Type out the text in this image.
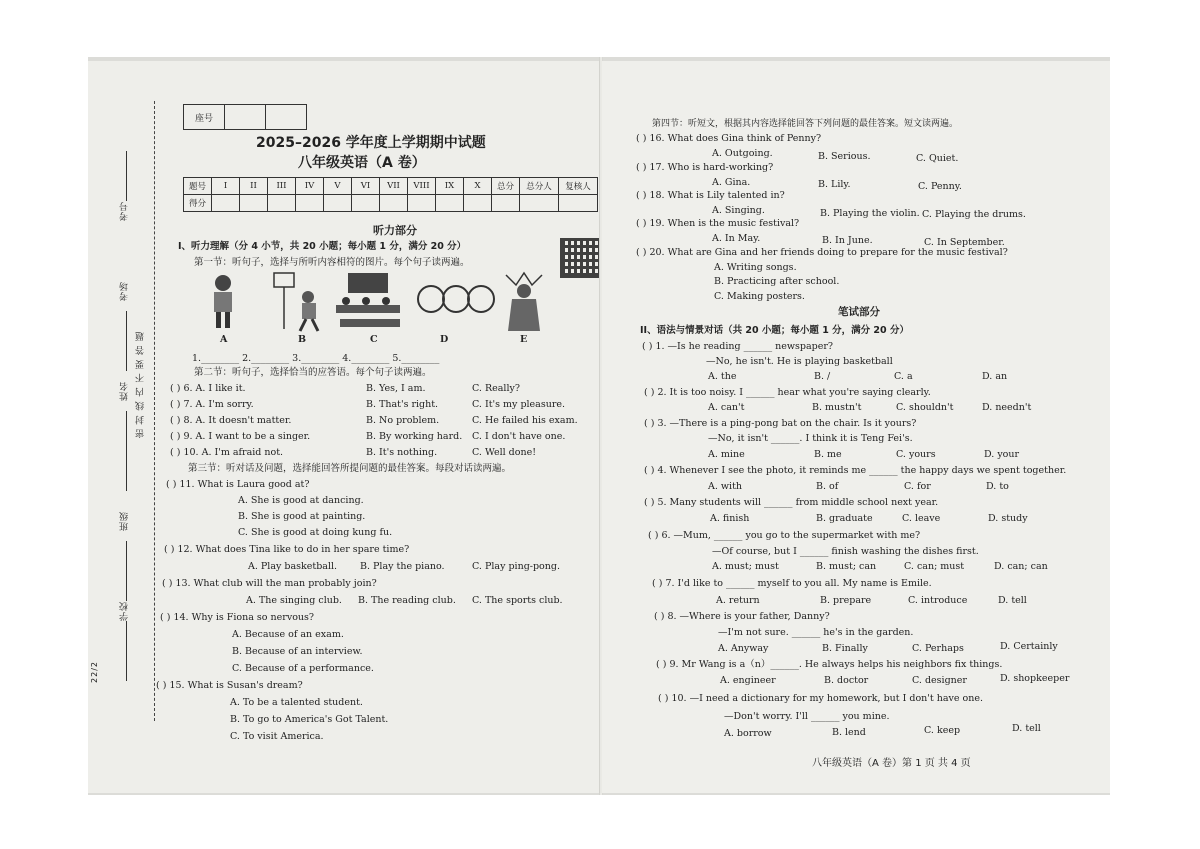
考号
考场
姓名
班级
学校
22/2
密 封 线 内 不 要 答 题
座号
2025–2026 学年度上学期期中试题
八年级英语（A 卷）
题号	I	II	III	IV	V	VI	VII	VIII	IX	X	总分	总分人	复核人
得分													
听力部分
I、听力理解（分 4 小节，共 20 小题；每小题 1 分，满分 20 分）
第一节：听句子，选择与所听内容相符的图片。每个句子读两遍。
A	B	C	D	E
1.________ 2.________ 3.________ 4.________ 5.________
第二节：听句子，选择恰当的应答语。每个句子读两遍。
( ) 6. A. I like it.	B. Yes, I am.	C. Really?
( ) 7. A. I'm sorry.	B. That's right.	C. It's my pleasure.
( ) 8. A. It doesn't matter.	B. No problem.	C. He failed his exam.
( ) 9. A. I want to be a singer.	B. By working hard. C. I don't have one.
( ) 10. A. I'm afraid not.	B. It's nothing.	C. Well done!
第三节：听对话及问题，选择能回答所提问题的最佳答案。每段对话读两遍。
( ) 11. What is Laura good at?
A. She is good at dancing.
B. She is good at painting.
C. She is good at doing kung fu.
( ) 12. What does Tina like to do in her spare time?
A. Play basketball. B. Play the piano.	C. Play ping-pong.
( ) 13. What club will the man probably join?
A. The singing club. B. The reading club. C. The sports club.
( ) 14. Why is Fiona so nervous?
A. Because of an exam.
B. Because of an interview.
C. Because of a performance.
( ) 15. What is Susan's dream?
A. To be a talented student.
B. To go to America's Got Talent.
C. To visit America.
第四节：听短文，根据其内容选择能回答下列问题的最佳答案。短文读两遍。
( ) 16. What does Gina think of Penny?
A. Outgoing.	B. Serious.	C. Quiet.
( ) 17. Who is hard-working?
A. Gina.	B. Lily.	C. Penny.
( ) 18. What is Lily talented in?
A. Singing.	B. Playing the violin. C. Playing the drums.
( ) 19. When is the music festival?
A. In May.	B. In June.	C. In September.
( ) 20. What are Gina and her friends doing to prepare for the music festival?
A. Writing songs.
B. Practicing after school.
C. Making posters.
笔试部分
II、语法与情景对话（共 20 小题；每小题 1 分，满分 20 分）
( ) 1. —Is he reading ______ newspaper?
—No, he isn't. He is playing basketball
A. the	B. /	C. a	D. an
( ) 2. It is too noisy. I ______ hear what you're saying clearly.
A. can't	B. mustn't	C. shouldn't	D. needn't
( ) 3. —There is a ping-pong bat on the chair. Is it yours?
—No, it isn't ______. I think it is Teng Fei's.
A. mine	B. me	C. yours	D. your
( ) 4. Whenever I see the photo, it reminds me ______ the happy days we spent together.
A. with	B. of	C. for	D. to
( ) 5. Many students will ______ from middle school next year.
A. finish	B. graduate	C. leave	D. study
( ) 6. —Mum, ______ you go to the supermarket with me?
—Of course, but I ______ finish washing the dishes first.
A. must; must	B. must; can	C. can; must	D. can; can
( ) 7. I'd like to ______ myself to you all. My name is Emile.
A. return	B. prepare	C. introduce	D. tell
( ) 8. —Where is your father, Danny?
—I'm not sure. ______ he's in the garden.
A. Anyway	B. Finally	C. Perhaps	D. Certainly
( ) 9. Mr Wang is a（n）______. He always helps his neighbors fix things.
A. engineer	B. doctor	C. designer	D. shopkeeper
( ) 10. —I need a dictionary for my homework, but I don't have one.
—Don't worry. I'll ______ you mine.
A. borrow	B. lend	C. keep	D. tell
八年级英语（A 卷）第 1 页 共 4 页
